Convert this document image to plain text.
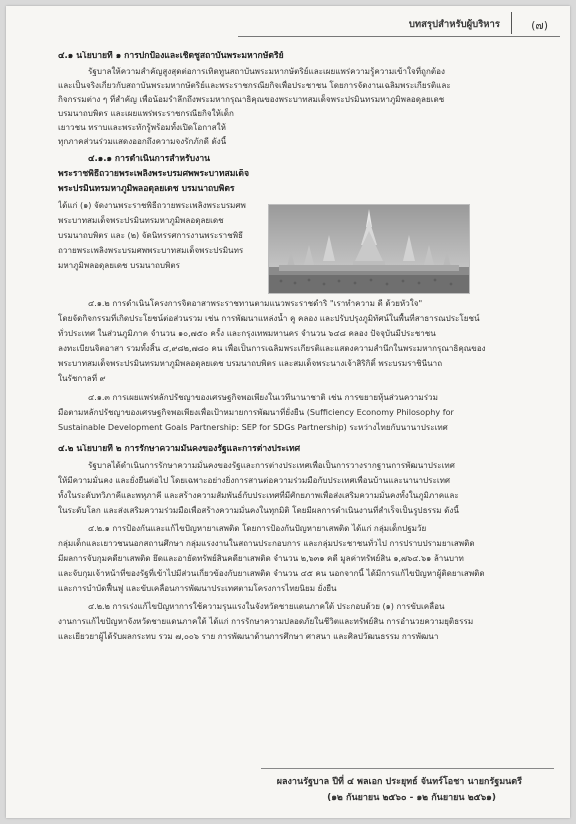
บทสรุปสำหรับผู้บริหาร	(๗)
๔.๑ นโยบายที่ ๑ การปกป้องและเชิดชูสถาบันพระมหากษัตริย์
รัฐบาลให้ความสำคัญสูงสุดต่อการเทิดทูนสถาบันพระมหากษัตริย์และเผยแพร่ความรู้ความเข้าใจที่ถูกต้อง
และเป็นจริงเกี่ยวกับสถาบันพระมหากษัตริย์และพระราชกรณียกิจเพื่อประชาชน โดยการจัดงานเฉลิมพระเกียรติและ
กิจกรรมต่าง ๆ ที่สำคัญ เพื่อน้อมรำลึกถึงพระมหากรุณาธิคุณของพระบาทสมเด็จพระปรมินทรมหาภูมิพลอดุลยเดช
บรมนาถบพิตร และเผยแพร่พระราชกรณียกิจให้เด็ก
เยาวชน ทราบและพระทักรู้พร้อมทั้งเปิดโอกาสให้
ทุกภาคส่วนร่วมแสดงออกถึงความจงรักภักดี ดังนี้
๔.๑.๑ การดำเนินการสำหรับงาน
พระราชพิธีถวายพระเพลิงพระบรมศพพระบาทสมเด็จ
พระปรมินทรมหาภูมิพลอดุลยเดช บรมนาถบพิตร
ได้แก่ (๑) จัดงานพระราชพิธีถวายพระเพลิงพระบรมศพ
พระบาทสมเด็จพระปรมินทรมหาภูมิพลอดุลยเดช
บรมนาถบพิตร และ (๒) จัดนิทรรศการงานพระราชพิธี
ถวายพระเพลิงพระบรมศพพระบาทสมเด็จพระปรมินทร
มหาภูมิพลอดุลยเดช บรมนาถบพิตร
๔.๑.๒ การดำเนินโครงการจิตอาสาพระราชทานตามแนวพระราชดำริ "เราทำความ ดี ด้วยหัวใจ"
โดยจัดกิจกรรมที่เกิดประโยชน์ต่อส่วนรวม เช่น การพัฒนาแหล่งน้ำ คู คลอง และปรับปรุงภูมิทัศน์ในพื้นที่สาธารณประโยชน์
ทั่วประเทศ ในส่วนภูมิภาค จำนวน ๑๐,๗๕๐ ครั้ง และกรุงเทพมหานคร จำนวน ๖๔๘ คลอง ปัจจุบันมีประชาชน
ลงทะเบียนจิตอาสา รวมทั้งสิ้น ๔,๙๘๒,๗๘๐ คน เพื่อเป็นการเฉลิมพระเกียรติและแสดงความสำนึกในพระมหากรุณาธิคุณของ
พระบาทสมเด็จพระปรมินทรมหาภูมิพลอดุลยเดช บรมนาถบพิตร และสมเด็จพระนางเจ้าสิริกิติ์ พระบรมราชินีนาถ
ในรัชกาลที่ ๙
๔.๑.๓ การเผยแพร่หลักปรัชญาของเศรษฐกิจพอเพียงในเวทีนานาชาติ เช่น การขยายหุ้นส่วนความร่วม
มือตามหลักปรัชญาของเศรษฐกิจพอเพียงเพื่อเป้าหมายการพัฒนาที่ยั่งยืน (Sufficiency Economy Philosophy for
Sustainable Development Goals Partnership: SEP for SDGs Partnership) ระหว่างไทยกับนานาประเทศ
๔.๒ นโยบายที่ ๒ การรักษาความมั่นคงของรัฐและการต่างประเทศ
รัฐบาลได้ดำเนินการรักษาความมั่นคงของรัฐและการต่างประเทศเพื่อเป็นการวางรากฐานการพัฒนาประเทศ
ให้มีความมั่นคง และยั่งยืนต่อไป โดยเฉพาะอย่างยิ่งการสานต่อความร่วมมือกับประเทศเพื่อนบ้านและนานาประเทศ
ทั้งในระดับทวิภาคีและพหุภาคี และสร้างความสัมพันธ์กับประเทศที่มีศักยภาพเพื่อส่งเสริมความมั่นคงทั้งในภูมิภาคและ
ในระดับโลก และส่งเสริมความร่วมมือเพื่อสร้างความมั่นคงในทุกมิติ โดยมีผลการดำเนินงานที่สำเร็จเป็นรูปธรรม ดังนี้
๔.๒.๑ การป้องกันและแก้ไขปัญหายาเสพติด โดยการป้องกันปัญหายาเสพติด ได้แก่ กลุ่มเด็กปฐมวัย
กลุ่มเด็กและเยาวชนนอกสถานศึกษา กลุ่มแรงงานในสถานประกอบการ และกลุ่มประชาชนทั่วไป การปราบปรามยาเสพติด
มีผลการจับกุมคดียาเสพติด ยึดและอายัดทรัพย์สินคดียาเสพติด จำนวน ๒,๖๓๑ คดี มูลค่าทรัพย์สิน ๑,๗๖๔.๖๑ ล้านบาท
และจับกุมเจ้าหน้าที่ของรัฐที่เข้าไปมีส่วนเกี่ยวข้องกับยาเสพติด จำนวน ๔๕ คน นอกจากนี้ ได้มีการแก้ไขปัญหาผู้ติดยาเสพติด
และการบำบัดฟื้นฟู และขับเคลื่อนการพัฒนาประเทศตามโครงการไทยนิยม ยั่งยืน
๔.๒.๒ การเร่งแก้ไขปัญหาการใช้ความรุนแรงในจังหวัดชายแดนภาคใต้ ประกอบด้วย (๑) การขับเคลื่อน
งานการแก้ไขปัญหาจังหวัดชายแดนภาคใต้ ได้แก่ การรักษาความปลอดภัยในชีวิตและทรัพย์สิน การอำนวยความยุติธรรม
และเยียวยาผู้ได้รับผลกระทบ รวม ๗,๐๐๖ ราย การพัฒนาด้านการศึกษา ศาสนา และศิลปวัฒนธรรม การพัฒนา
ผลงานรัฐบาล ปีที่ ๔ พลเอก ประยุทธ์ จันทร์โอชา นายกรัฐมนตรี
(๑๒ กันยายน ๒๕๖๐ - ๑๒ กันยายน ๒๕๖๑)
